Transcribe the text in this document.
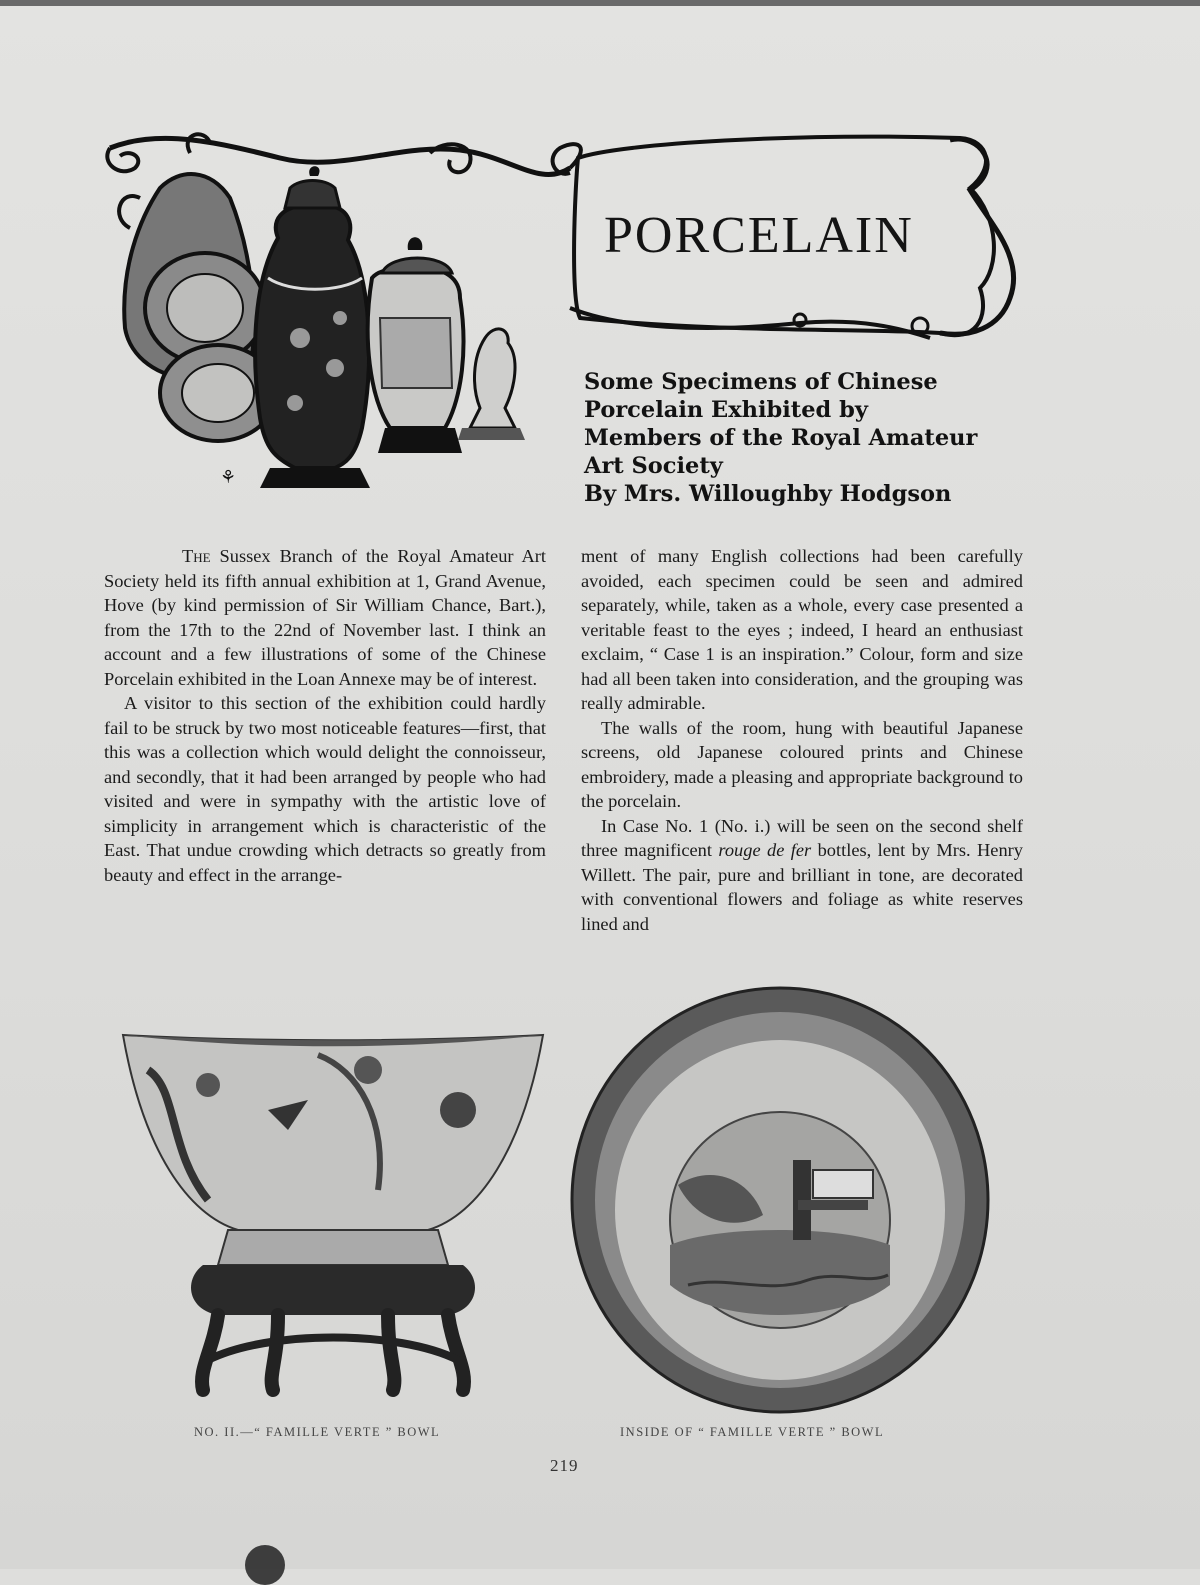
⚘
PORCELAIN
Some Specimens of Chinese
Porcelain Exhibited by
Members of the Royal Amateur
Art Society
By Mrs. Willoughby Hodgson

The Sussex Branch of the Royal Amateur Art Society held its fifth annual exhibition at 1, Grand Avenue, Hove (by kind permission of Sir William Chance, Bart.), from the 17th to the 22nd of November last. I think an account and a few illustrations of some of the Chinese Porcelain exhibited in the Loan Annexe may be of interest.

A visitor to this section of the exhibition could hardly fail to be struck by two most noticeable features—first, that this was a collection which would delight the connoisseur, and secondly, that it had been arranged by people who had visited and were in sympathy with the artistic love of simplicity in arrangement which is characteristic of the East. That undue crowding which detracts so greatly from beauty and effect in the arrange-

ment of many English collections had been carefully avoided, each specimen could be seen and admired separately, while, taken as a whole, every case presented a veritable feast to the eyes ; indeed, I heard an enthusiast exclaim, “ Case 1 is an inspiration.” Colour, form and size had all been taken into consideration, and the grouping was really admirable.

The walls of the room, hung with beautiful Japanese screens, old Japanese coloured prints and Chinese embroidery, made a pleasing and appropriate background to the porcelain.

In Case No. 1 (No. i.) will be seen on the second shelf three magnificent rouge de fer bottles, lent by Mrs. Henry Willett. The pair, pure and brilliant in tone, are decorated with conventional flowers and foliage as white reserves lined and

NO. II.—“ FAMILLE VERTE ” BOWL	INSIDE OF “ FAMILLE VERTE ” BOWL
219
